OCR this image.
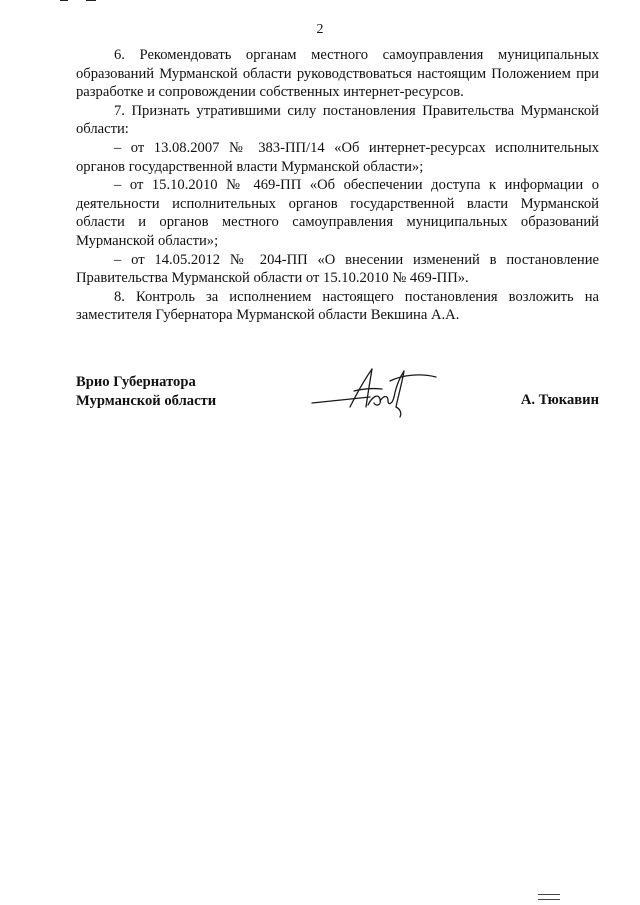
2

6. Рекомендовать органам местного самоуправления муниципальных образований Мурманской области руководствоваться настоящим Положением при разработке и сопровождении собственных интернет-ресурсов.

7. Признать утратившими силу постановления Правительства Мурманской области:

– от 13.08.2007 № 383-ПП/14 «Об интернет-ресурсах исполнительных органов государственной власти Мурманской области»;

– от 15.10.2010 № 469-ПП «Об обеспечении доступа к информации о деятельности исполнительных органов государственной власти Мурманской области и органов местного самоуправления муниципальных образований Мурманской области»;

– от 14.05.2012 № 204-ПП «О внесении изменений в постановление Правительства Мурманской области от 15.10.2010 № 469-ПП».

8. Контроль за исполнением настоящего постановления возложить на заместителя Губернатора Мурманской области Векшина А.А.

Врио Губернатора
Мурманской области	А. Тюкавин
